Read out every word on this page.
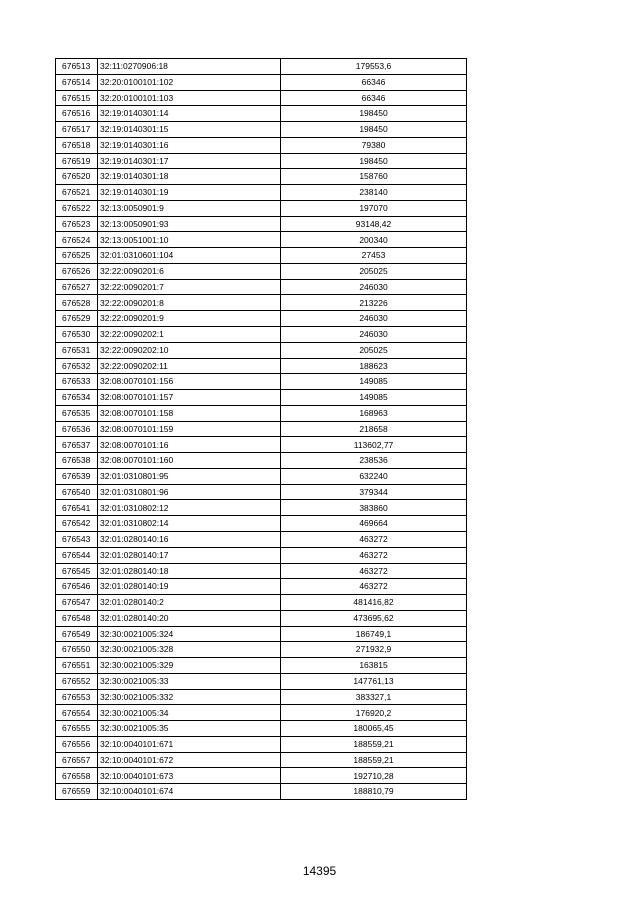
676513	32:11:0270906:18	179553,6
676514	32:20:0100101:102	66346
676515	32:20:0100101:103	66346
676516	32:19:0140301:14	198450
676517	32:19:0140301:15	198450
676518	32:19:0140301:16	79380
676519	32:19:0140301:17	198450
676520	32:19:0140301:18	158760
676521	32:19:0140301:19	238140
676522	32:13:0050901:9	197070
676523	32:13:0050901:93	93148,42
676524	32:13:0051001:10	200340
676525	32:01:0310601:104	27453
676526	32:22:0090201:6	205025
676527	32:22:0090201:7	246030
676528	32:22:0090201:8	213226
676529	32:22:0090201:9	246030
676530	32:22:0090202:1	246030
676531	32:22:0090202:10	205025
676532	32:22:0090202:11	188623
676533	32:08:0070101:156	149085
676534	32:08:0070101:157	149085
676535	32:08:0070101:158	168963
676536	32:08:0070101:159	218658
676537	32:08:0070101:16	113602,77
676538	32:08:0070101:160	238536
676539	32:01:0310801:95	632240
676540	32:01:0310801:96	379344
676541	32:01:0310802:12	383860
676542	32:01:0310802:14	469664
676543	32:01:0280140:16	463272
676544	32:01:0280140:17	463272
676545	32:01:0280140:18	463272
676546	32:01:0280140:19	463272
676547	32:01:0280140:2	481416,82
676548	32:01:0280140:20	473695,62
676549	32:30:0021005:324	186749,1
676550	32:30:0021005:328	271932,9
676551	32:30:0021005:329	163815
676552	32:30:0021005:33	147761,13
676553	32:30:0021005:332	383327,1
676554	32:30:0021005:34	176920,2
676555	32:30:0021005:35	180065,45
676556	32:10:0040101:671	188559,21
676557	32:10:0040101:672	188559,21
676558	32:10:0040101:673	192710,28
676559	32:10:0040101:674	188810,79
14395
